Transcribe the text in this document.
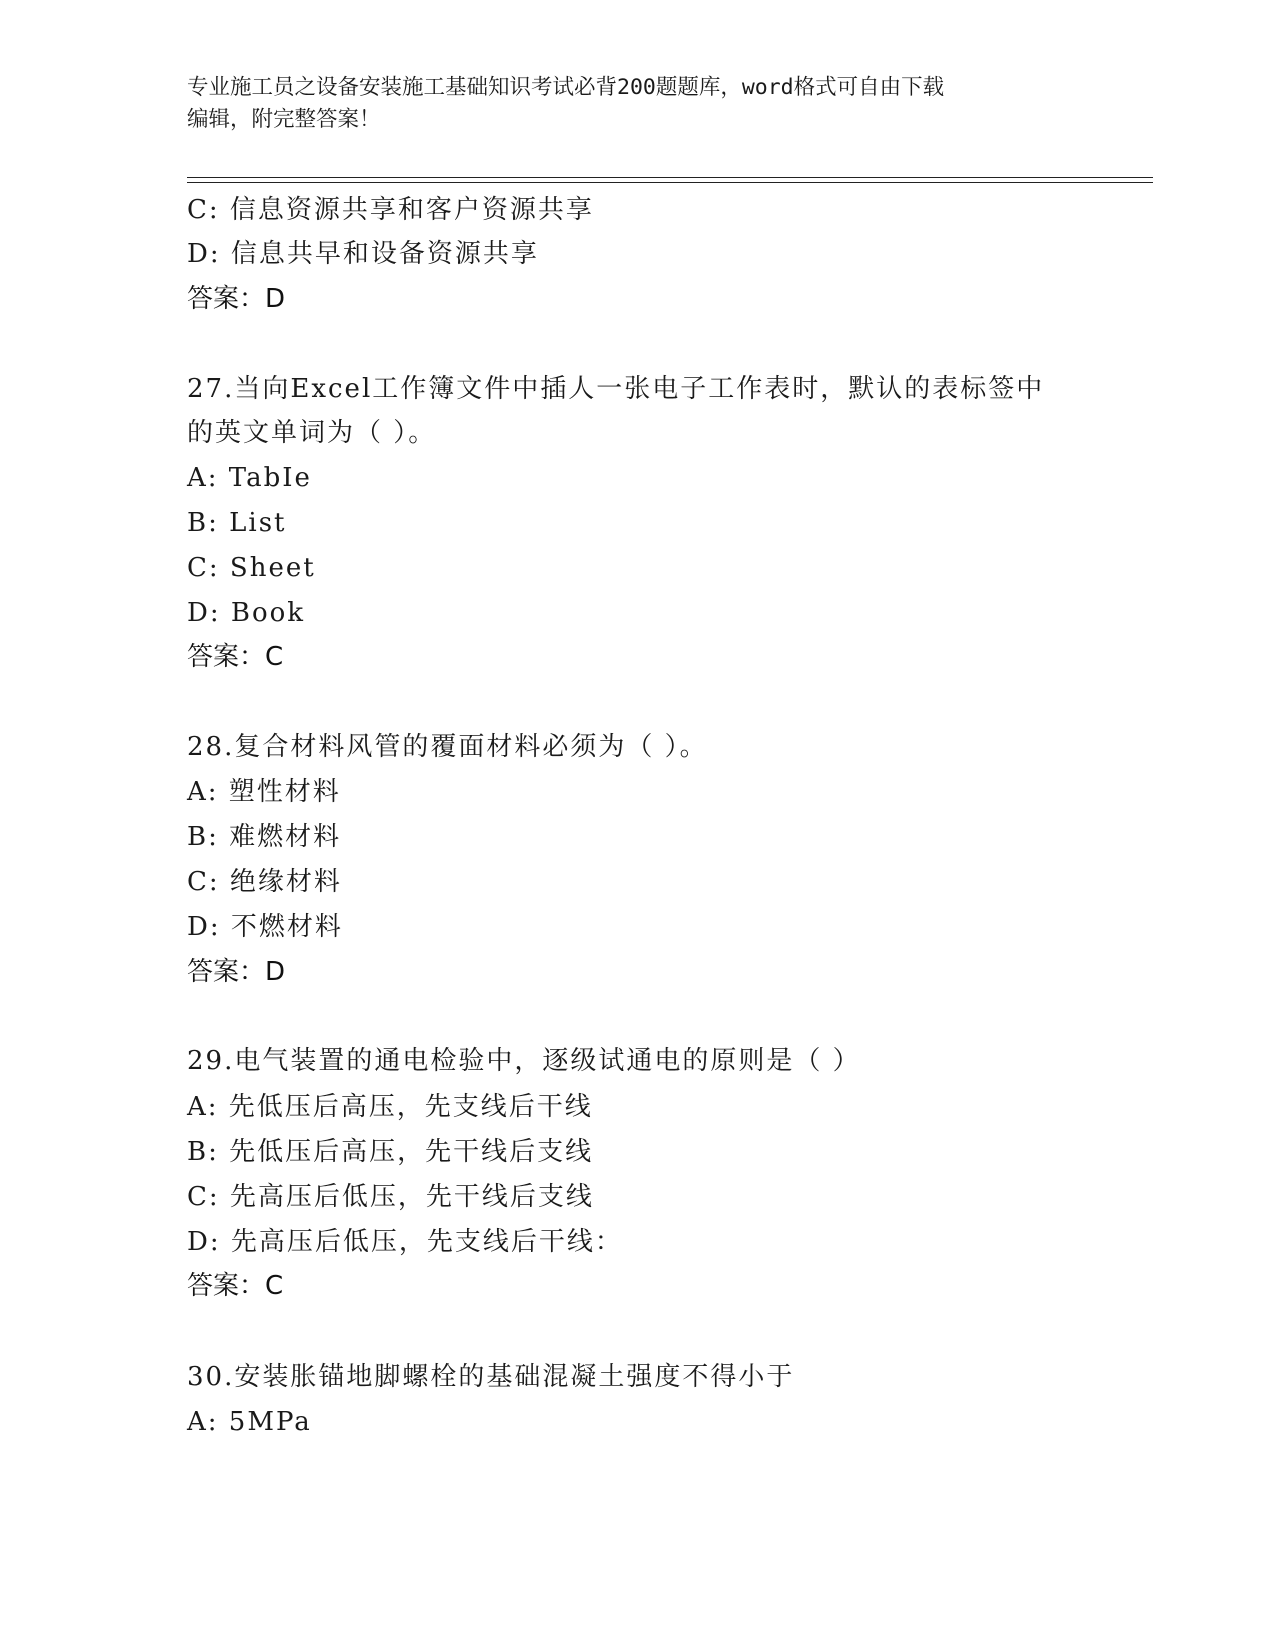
专业施工员之设备安装施工基础知识考试必背200题题库，word格式可自由下载
编辑，附完整答案！
C: 信息资源共享和客户资源共享
D: 信息共早和设备资源共享
答案：D
27.当向Excel工作簿文件中插人一张电子工作表时，默认的表标签中
的英文单词为（ ）。
A: TabIe
B: List
C: Sheet
D: Book
答案：C
28.复合材料风管的覆面材料必须为（ ）。
A: 塑性材料
B: 难燃材料
C: 绝缘材料
D: 不燃材料
答案：D
29.电气装置的通电检验中，逐级试通电的原则是（ ）
A: 先低压后高压，先支线后干线
B: 先低压后高压，先干线后支线
C: 先高压后低压，先干线后支线
D: 先高压后低压，先支线后干线：
答案：C
30.安装胀锚地脚螺栓的基础混凝土强度不得小于
A: 5MPa
